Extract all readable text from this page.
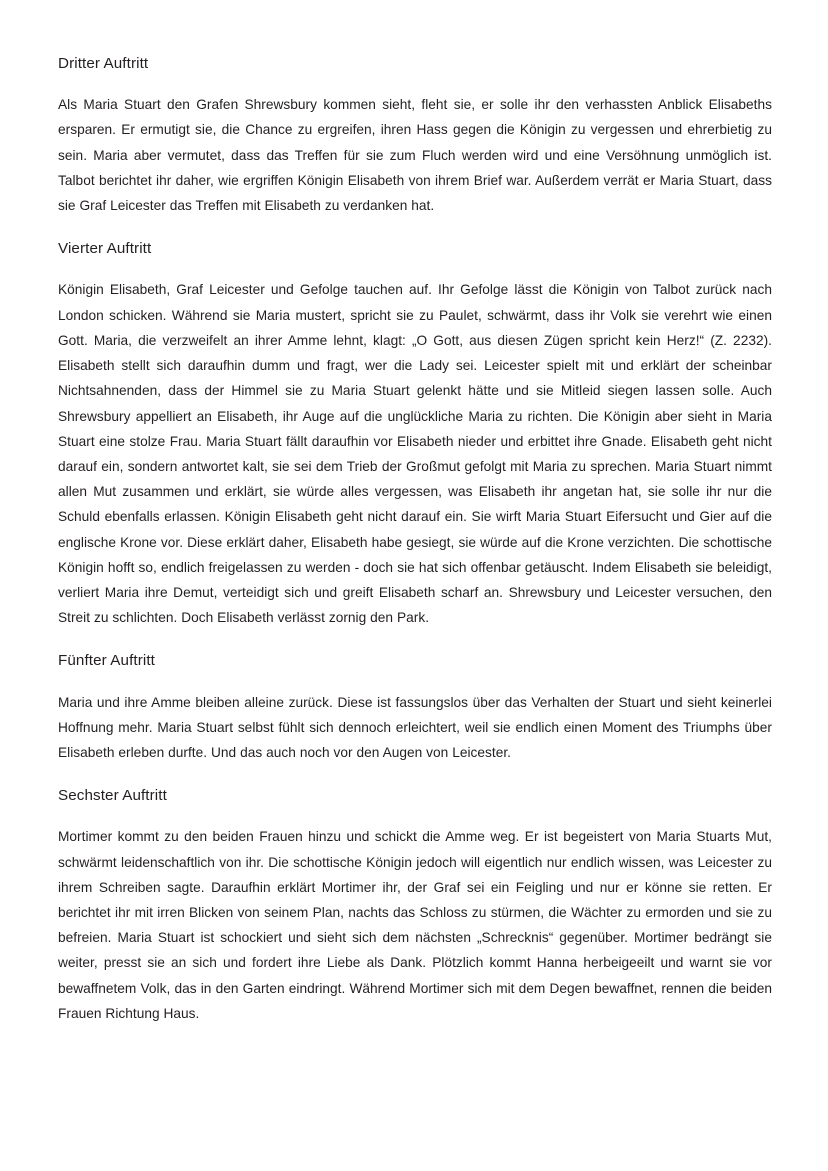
Dritter Auftritt

Als Maria Stuart den Grafen Shrewsbury kommen sieht, fleht sie, er solle ihr den verhassten Anblick Elisabeths ersparen. Er ermutigt sie, die Chance zu ergreifen, ihren Hass gegen die Königin zu vergessen und ehrerbietig zu sein. Maria aber vermutet, dass das Treffen für sie zum Fluch werden wird und eine Versöhnung unmöglich ist. Talbot berichtet ihr daher, wie ergriffen Königin Elisabeth von ihrem Brief war. Außerdem verrät er Maria Stuart, dass sie Graf Leicester das Treffen mit Elisabeth zu verdanken hat.

Vierter Auftritt

Königin Elisabeth, Graf Leicester und Gefolge tauchen auf. Ihr Gefolge lässt die Königin von Talbot zurück nach London schicken. Während sie Maria mustert, spricht sie zu Paulet, schwärmt, dass ihr Volk sie verehrt wie einen Gott. Maria, die verzweifelt an ihrer Amme lehnt, klagt: „O Gott, aus diesen Zügen spricht kein Herz!“ (Z. 2232). Elisabeth stellt sich daraufhin dumm und fragt, wer die Lady sei. Leicester spielt mit und erklärt der scheinbar Nichtsahnenden, dass der Himmel sie zu Maria Stuart gelenkt hätte und sie Mitleid siegen lassen solle. Auch Shrewsbury appelliert an Elisabeth, ihr Auge auf die unglückliche Maria zu richten. Die Königin aber sieht in Maria Stuart eine stolze Frau. Maria Stuart fällt daraufhin vor Elisabeth nieder und erbittet ihre Gnade. Elisabeth geht nicht darauf ein, sondern antwortet kalt, sie sei dem Trieb der Großmut gefolgt mit Maria zu sprechen. Maria Stuart nimmt allen Mut zusammen und erklärt, sie würde alles vergessen, was Elisabeth ihr angetan hat, sie solle ihr nur die Schuld ebenfalls erlassen. Königin Elisabeth geht nicht darauf ein. Sie wirft Maria Stuart Eifersucht und Gier auf die englische Krone vor. Diese erklärt daher, Elisabeth habe gesiegt, sie würde auf die Krone verzichten. Die schottische Königin hofft so, endlich freigelassen zu werden - doch sie hat sich offenbar getäuscht. Indem Elisabeth sie beleidigt, verliert Maria ihre Demut, verteidigt sich und greift Elisabeth scharf an. Shrewsbury und Leicester versuchen, den Streit zu schlichten. Doch Elisabeth verlässt zornig den Park.

Fünfter Auftritt

Maria und ihre Amme bleiben alleine zurück. Diese ist fassungslos über das Verhalten der Stuart und sieht keinerlei Hoffnung mehr. Maria Stuart selbst fühlt sich dennoch erleichtert, weil sie endlich einen Moment des Triumphs über Elisabeth erleben durfte. Und das auch noch vor den Augen von Leicester.

Sechster Auftritt

Mortimer kommt zu den beiden Frauen hinzu und schickt die Amme weg. Er ist begeistert von Maria Stuarts Mut, schwärmt leidenschaftlich von ihr. Die schottische Königin jedoch will eigentlich nur endlich wissen, was Leicester zu ihrem Schreiben sagte. Daraufhin erklärt Mortimer ihr, der Graf sei ein Feigling und nur er könne sie retten. Er berichtet ihr mit irren Blicken von seinem Plan, nachts das Schloss zu stürmen, die Wächter zu ermorden und sie zu befreien. Maria Stuart ist schockiert und sieht sich dem nächsten „Schrecknis“ gegenüber. Mortimer bedrängt sie weiter, presst sie an sich und fordert ihre Liebe als Dank. Plötzlich kommt Hanna herbeigeeilt und warnt sie vor bewaffnetem Volk, das in den Garten eindringt. Während Mortimer sich mit dem Degen bewaffnet, rennen die beiden Frauen Richtung Haus.
